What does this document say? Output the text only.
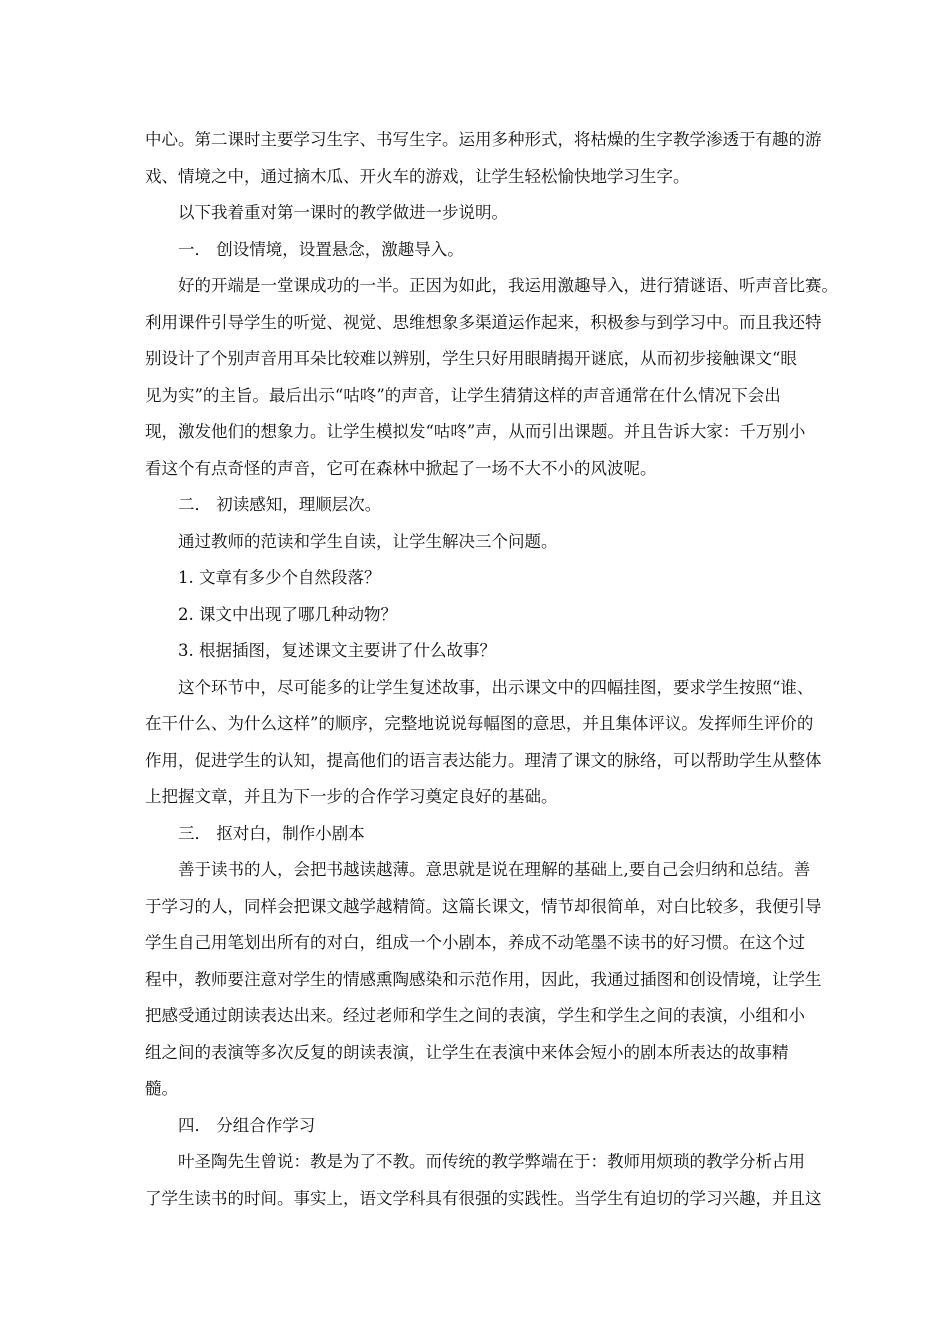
中心。第二课时主要学习生字、书写生字。运用多种形式，将枯燥的生字教学渗透于有趣的游
戏、情境之中，通过摘木瓜、开火车的游戏，让学生轻松愉快地学习生字。
以下我着重对第一课时的教学做进一步说明。
一． 创设情境，设置悬念，激趣导入。
好的开端是一堂课成功的一半。正因为如此，我运用激趣导入，进行猜谜语、听声音比赛。
利用课件引导学生的听觉、视觉、思维想象多渠道运作起来，积极参与到学习中。而且我还特
别设计了个别声音用耳朵比较难以辨别，学生只好用眼睛揭开谜底，从而初步接触课文“眼
见为实”的主旨。最后出示“咕咚”的声音，让学生猜猜这样的声音通常在什么情况下会出
现，激发他们的想象力。让学生模拟发“咕咚”声，从而引出课题。并且告诉大家：千万别小
看这个有点奇怪的声音，它可在森林中掀起了一场不大不小的风波呢。
二． 初读感知，理顺层次。
通过教师的范读和学生自读，让学生解决三个问题。
1. 文章有多少个自然段落？
2. 课文中出现了哪几种动物？
3. 根据插图，复述课文主要讲了什么故事？
这个环节中，尽可能多的让学生复述故事，出示课文中的四幅挂图，要求学生按照“谁、
在干什么、为什么这样”的顺序，完整地说说每幅图的意思，并且集体评议。发挥师生评价的
作用，促进学生的认知，提高他们的语言表达能力。理清了课文的脉络，可以帮助学生从整体
上把握文章，并且为下一步的合作学习奠定良好的基础。
三． 抠对白，制作小剧本
善于读书的人，会把书越读越薄。意思就是说在理解的基础上,要自己会归纳和总结。善
于学习的人，同样会把课文越学越精简。这篇长课文，情节却很简单，对白比较多，我便引导
学生自己用笔划出所有的对白，组成一个小剧本，养成不动笔墨不读书的好习惯。在这个过
程中，教师要注意对学生的情感熏陶感染和示范作用，因此，我通过插图和创设情境，让学生
把感受通过朗读表达出来。经过老师和学生之间的表演，学生和学生之间的表演，小组和小
组之间的表演等多次反复的朗读表演，让学生在表演中来体会短小的剧本所表达的故事精
髓。
四． 分组合作学习
叶圣陶先生曾说：教是为了不教。而传统的教学弊端在于：教师用烦琐的教学分析占用
了学生读书的时间。事实上，语文学科具有很强的实践性。当学生有迫切的学习兴趣，并且这
